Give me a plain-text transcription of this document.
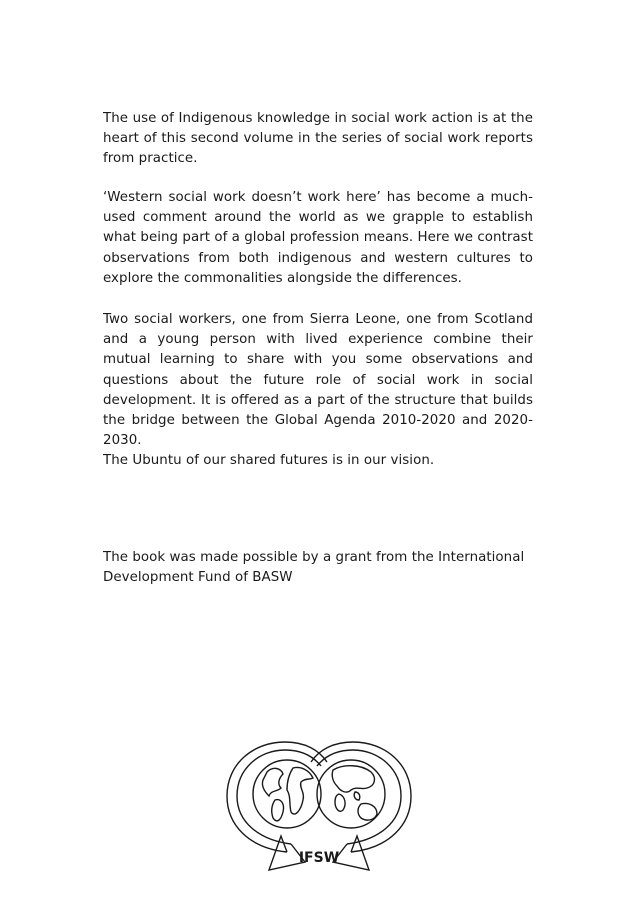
The use of Indigenous knowledge in social work action is at the heart of this second volume in the series of social work reports from practice.

‘Western social work doesn’t work here’ has become a much-used comment around the world as we grapple to establish what being part of a global profession means. Here we contrast observations from both indigenous and western cultures to explore the commonalities alongside the differences.

Two social workers, one from Sierra Leone, one from Scotland and a young person with lived experience combine their mutual learning to share with you some observations and questions about the future role of social work in social development. It is offered as a part of the structure that builds the bridge between the Global Agenda 2010-2020 and 2020-2030.

The Ubuntu of our shared futures is in our vision.

The book was made possible by a grant from the International Development Fund of BASW

IFSW
